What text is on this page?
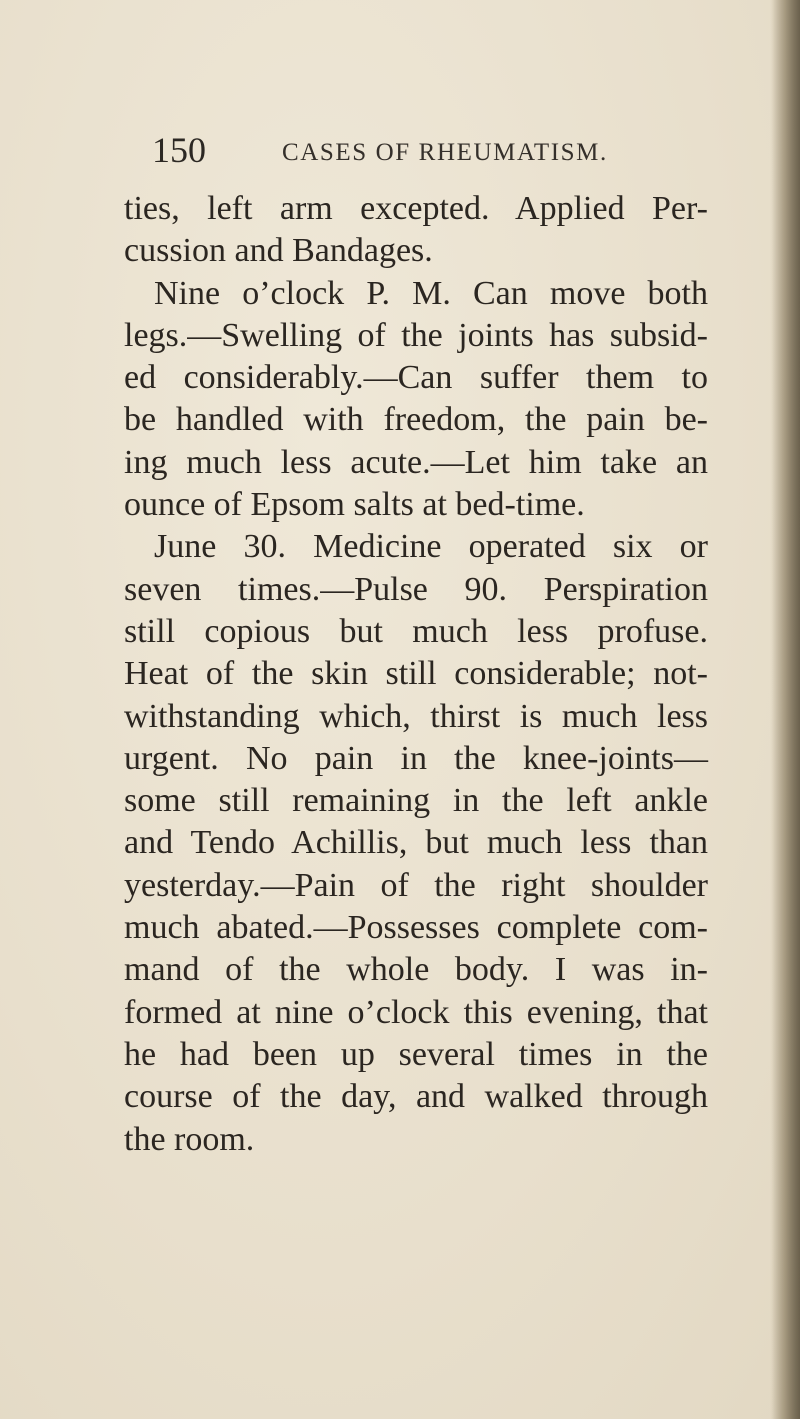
150	CASES OF RHEUMATISM.
ties, left arm excepted. Applied Per-
cussion and Bandages.
Nine o’clock P. M. Can move both
legs.—Swelling of the joints has subsid-
ed considerably.—Can suffer them to
be handled with freedom, the pain be-
ing much less acute.—Let him take an
ounce of Epsom salts at bed-time.
June 30. Medicine operated six or
seven times.—Pulse 90. Perspiration
still copious but much less profuse.
Heat of the skin still considerable; not-
withstanding which, thirst is much less
urgent. No pain in the knee-joints—
some still remaining in the left ankle
and Tendo Achillis, but much less than
yesterday.—Pain of the right shoulder
much abated.—Possesses complete com-
mand of the whole body. I was in-
formed at nine o’clock this evening, that
he had been up several times in the
course of the day, and walked through
the room.
